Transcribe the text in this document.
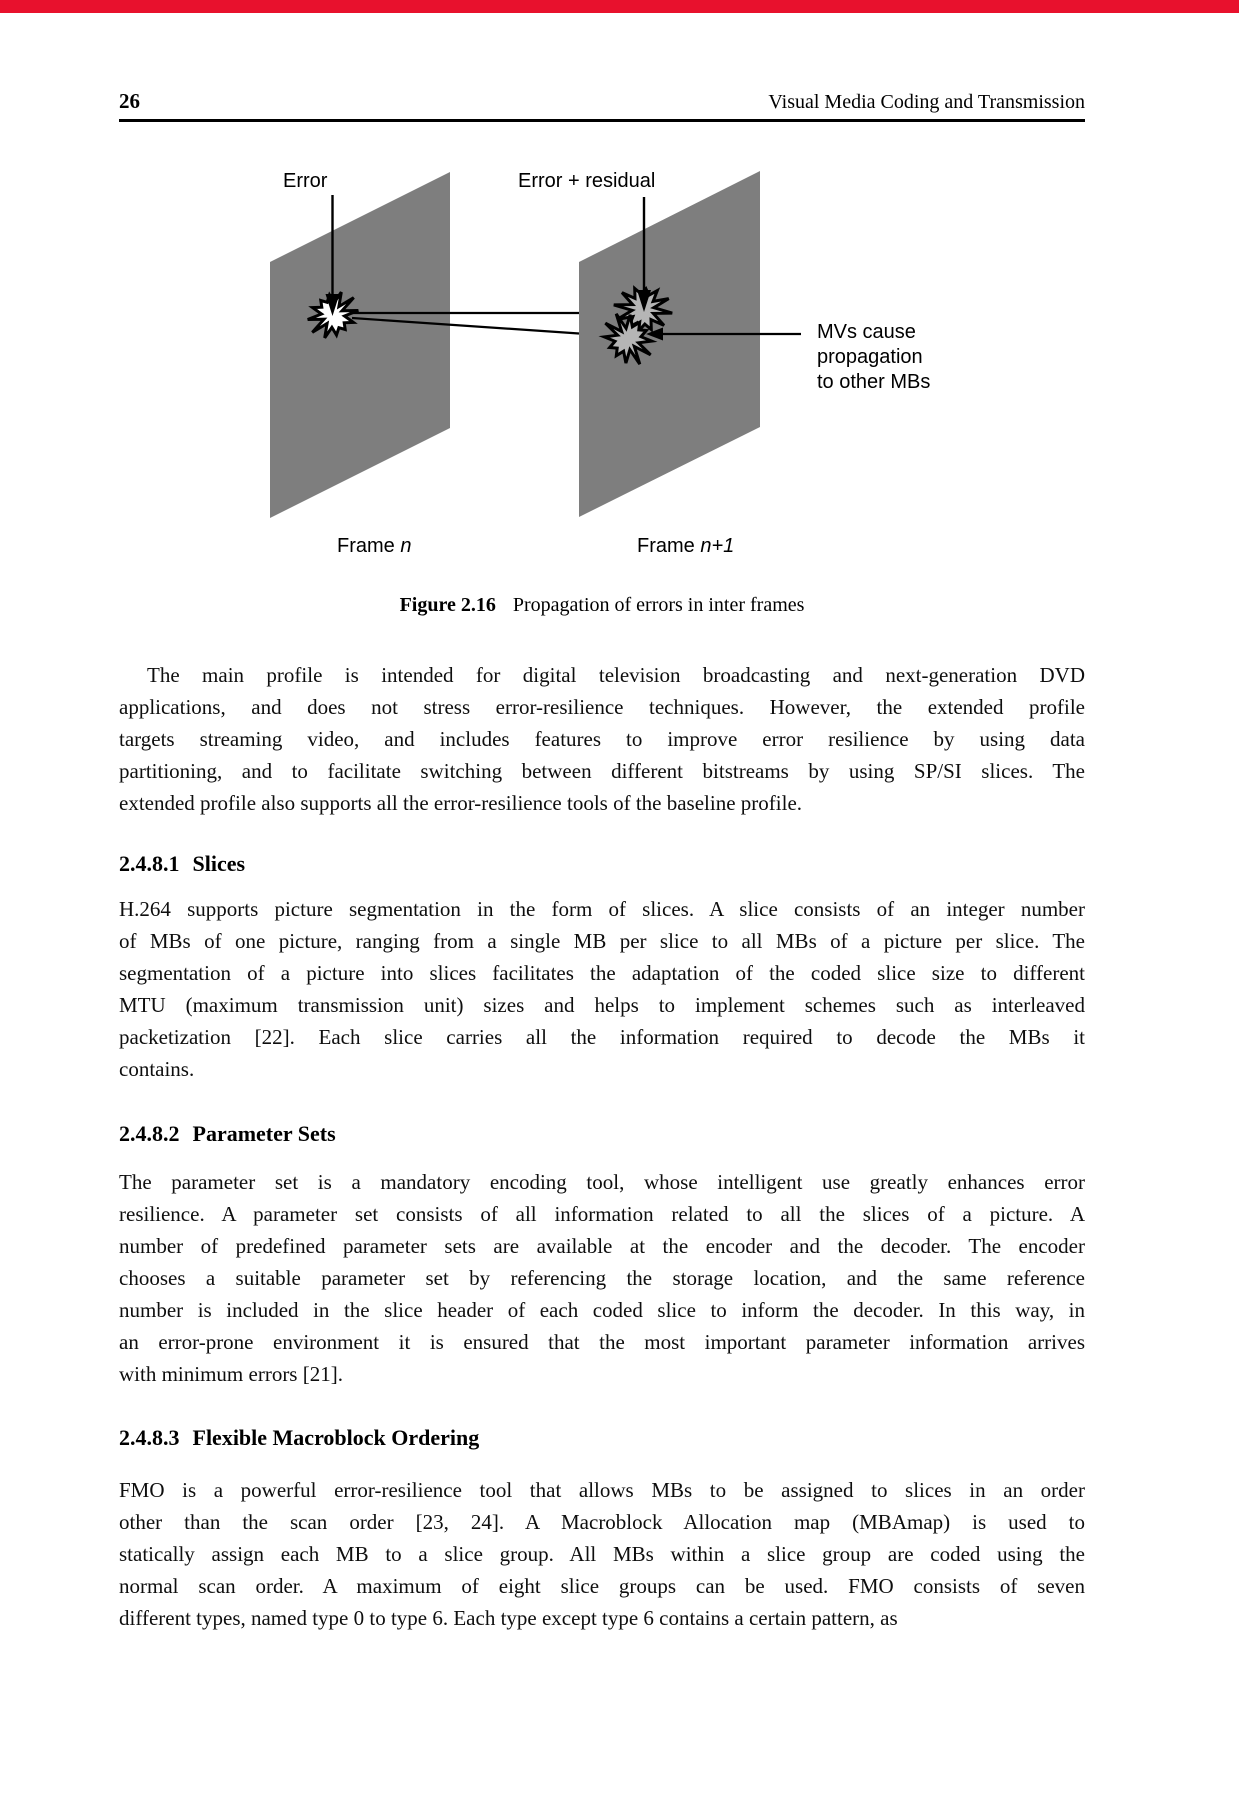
26	Visual Media Coding and Transmission
Error	Error + residual
MVs cause
propagation
to other MBs
Frame n	Frame n+1
Figure 2.16 Propagation of errors in inter frames
The main profile is intended for digital television broadcasting and next-generation DVD
applications, and does not stress error-resilience techniques. However, the extended profile
targets streaming video, and includes features to improve error resilience by using data
partitioning, and to facilitate switching between different bitstreams by using SP/SI slices. The
extended profile also supports all the error-resilience tools of the baseline profile.
2.4.8.1 Slices
H.264 supports picture segmentation in the form of slices. A slice consists of an integer number
of MBs of one picture, ranging from a single MB per slice to all MBs of a picture per slice. The
segmentation of a picture into slices facilitates the adaptation of the coded slice size to different
MTU (maximum transmission unit) sizes and helps to implement schemes such as interleaved
packetization [22]. Each slice carries all the information required to decode the MBs it
contains.
2.4.8.2 Parameter Sets
The parameter set is a mandatory encoding tool, whose intelligent use greatly enhances error
resilience. A parameter set consists of all information related to all the slices of a picture. A
number of predefined parameter sets are available at the encoder and the decoder. The encoder
chooses a suitable parameter set by referencing the storage location, and the same reference
number is included in the slice header of each coded slice to inform the decoder. In this way, in
an error-prone environment it is ensured that the most important parameter information arrives
with minimum errors [21].
2.4.8.3 Flexible Macroblock Ordering
FMO is a powerful error-resilience tool that allows MBs to be assigned to slices in an order
other than the scan order [23, 24]. A Macroblock Allocation map (MBAmap) is used to
statically assign each MB to a slice group. All MBs within a slice group are coded using the
normal scan order. A maximum of eight slice groups can be used. FMO consists of seven
different types, named type 0 to type 6. Each type except type 6 contains a certain pattern, as
